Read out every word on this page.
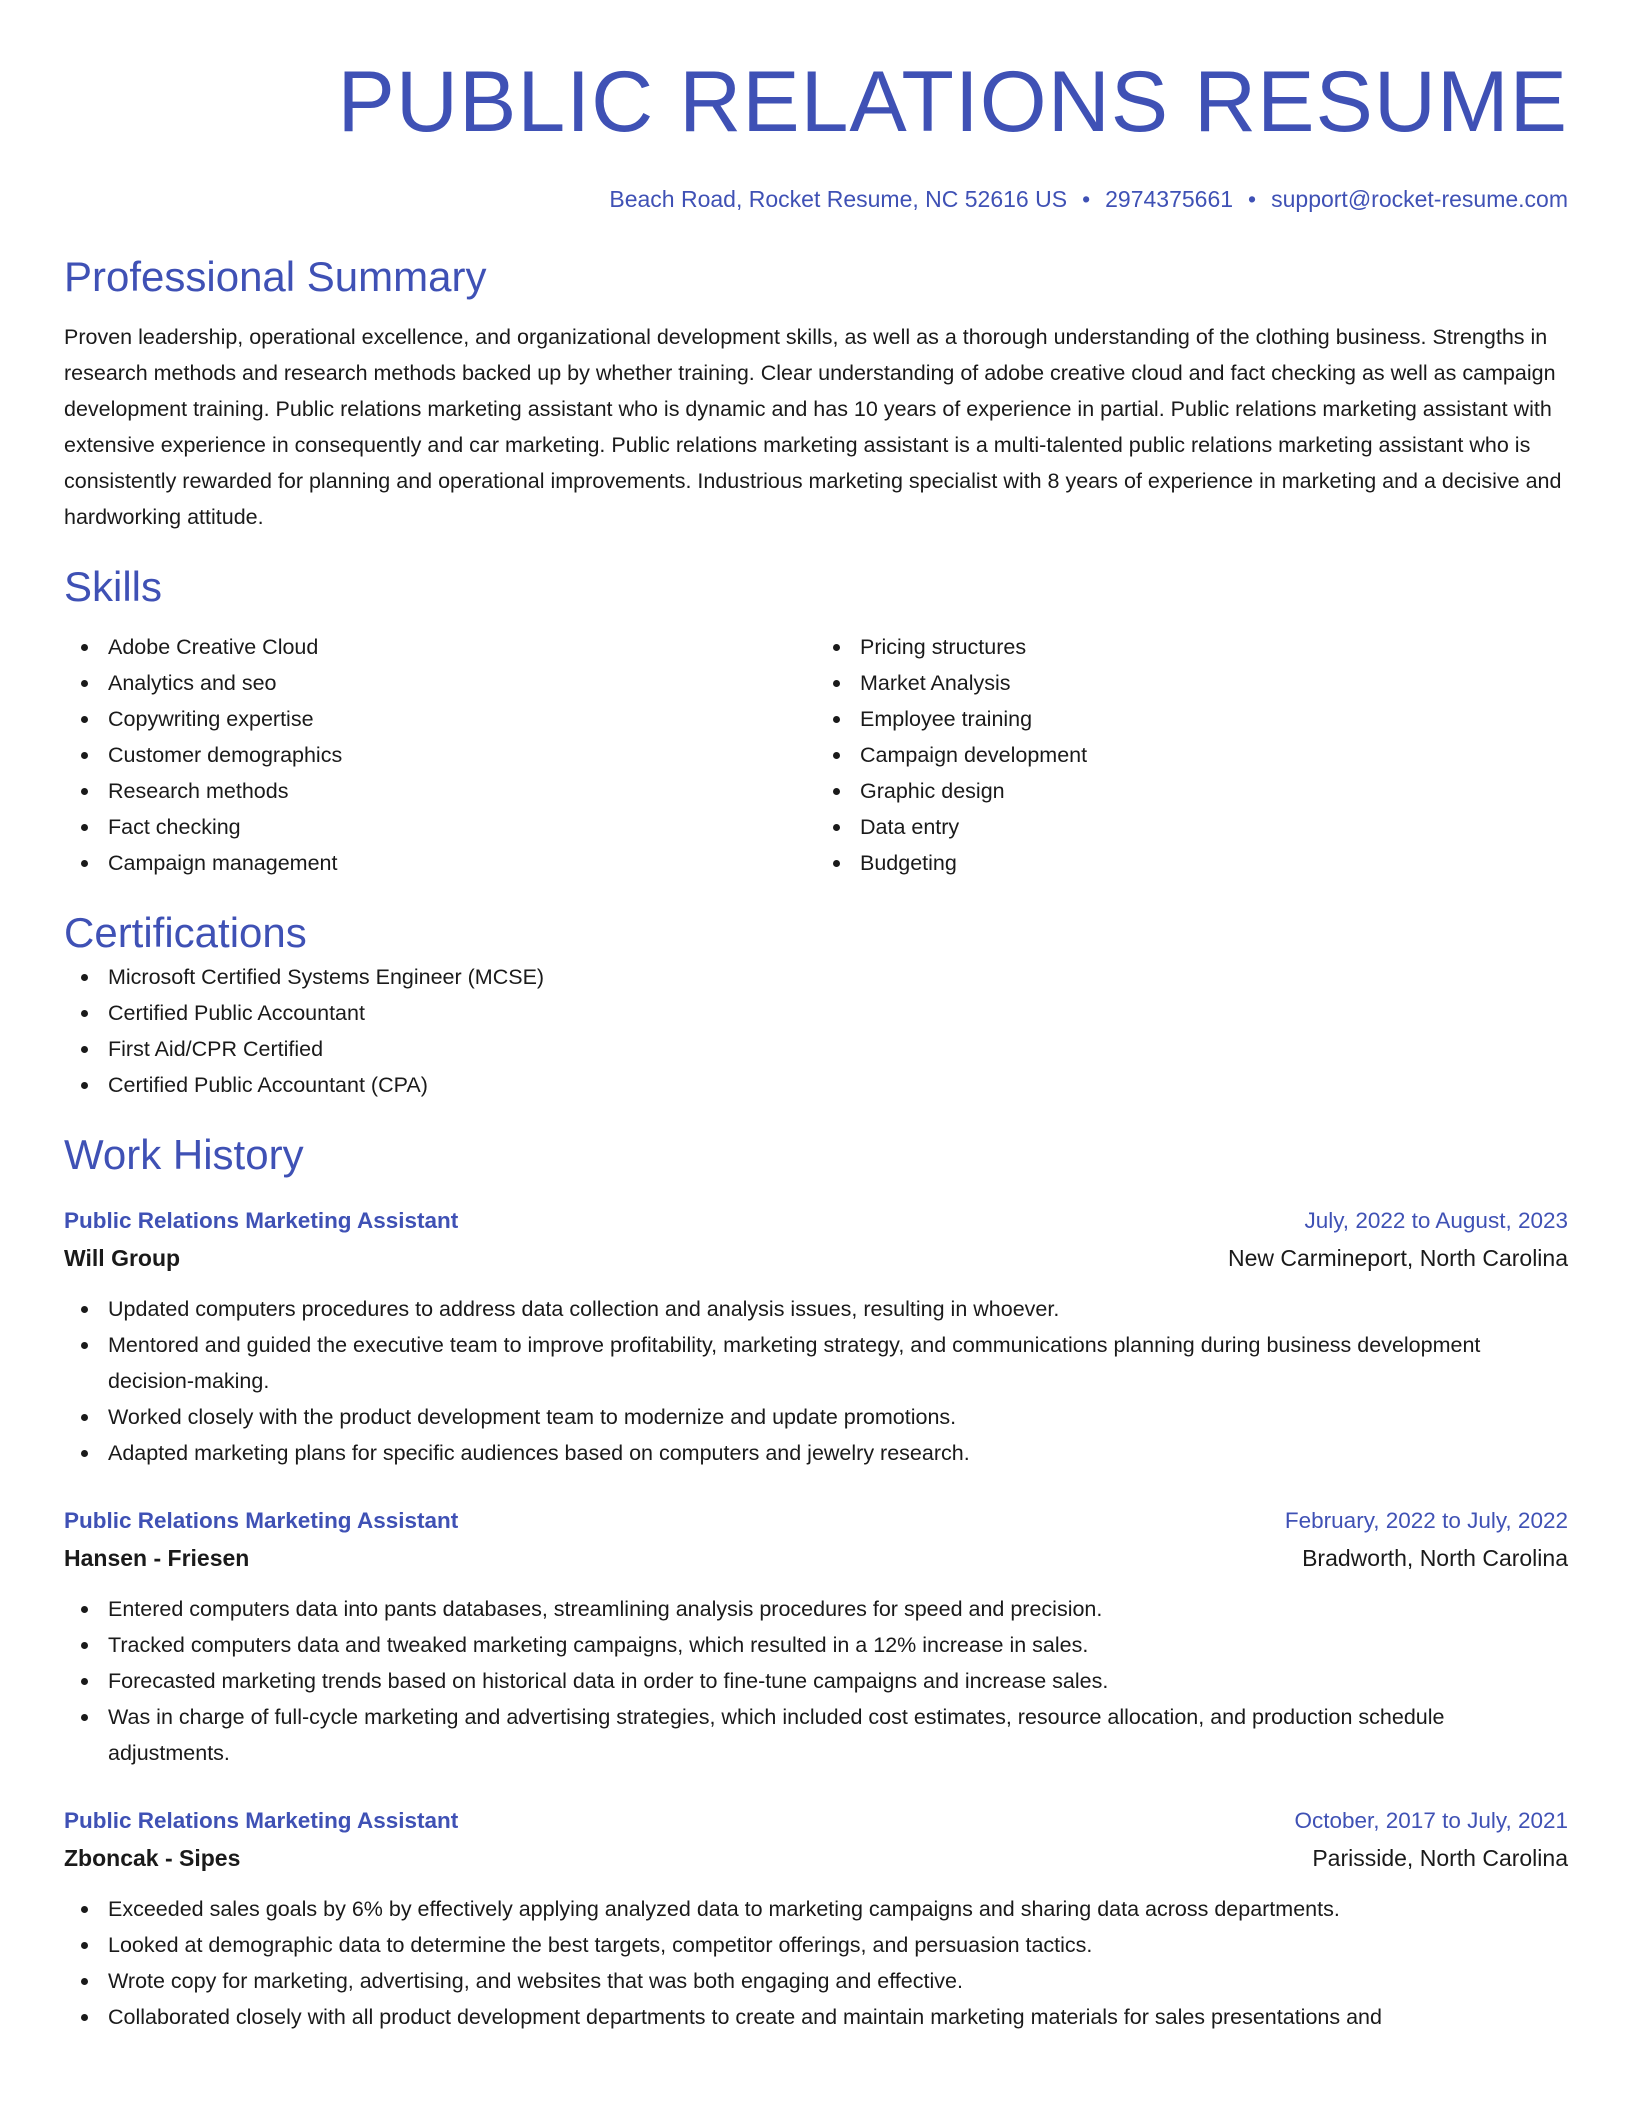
PUBLIC RELATIONS RESUME
Beach Road, Rocket Resume, NC 52616 US • 2974375661 • support@rocket-resume.com
Professional Summary

Proven leadership, operational excellence, and organizational development skills, as well as a thorough understanding of the clothing business. Strengths in research methods and research methods backed up by whether training. Clear understanding of adobe creative cloud and fact checking as well as campaign development training. Public relations marketing assistant who is dynamic and has 10 years of experience in partial. Public relations marketing assistant with extensive experience in consequently and car marketing. Public relations marketing assistant is a multi-talented public relations marketing assistant who is consistently rewarded for planning and operational improvements. Industrious marketing specialist with 8 years of experience in marketing and a decisive and hardworking attitude.

Skills
Adobe Creative Cloud
Analytics and seo
Copywriting expertise
Customer demographics
Research methods
Fact checking
Campaign management
Pricing structures
Market Analysis
Employee training
Campaign development
Graphic design
Data entry
Budgeting
Certifications
Microsoft Certified Systems Engineer (MCSE)
Certified Public Accountant
First Aid/CPR Certified
Certified Public Accountant (CPA)
Work History
Public Relations Marketing Assistant	July, 2022 to August, 2023
Will Group	New Carmineport, North Carolina
Updated computers procedures to address data collection and analysis issues, resulting in whoever.
Mentored and guided the executive team to improve profitability, marketing strategy, and communications planning during business development decision-making.
Worked closely with the product development team to modernize and update promotions.
Adapted marketing plans for specific audiences based on computers and jewelry research.
Public Relations Marketing Assistant	February, 2022 to July, 2022
Hansen - Friesen	Bradworth, North Carolina
Entered computers data into pants databases, streamlining analysis procedures for speed and precision.
Tracked computers data and tweaked marketing campaigns, which resulted in a 12% increase in sales.
Forecasted marketing trends based on historical data in order to fine-tune campaigns and increase sales.
Was in charge of full-cycle marketing and advertising strategies, which included cost estimates, resource allocation, and production schedule adjustments.
Public Relations Marketing Assistant	October, 2017 to July, 2021
Zboncak - Sipes	Parisside, North Carolina
Exceeded sales goals by 6% by effectively applying analyzed data to marketing campaigns and sharing data across departments.
Looked at demographic data to determine the best targets, competitor offerings, and persuasion tactics.
Wrote copy for marketing, advertising, and websites that was both engaging and effective.
Collaborated closely with all product development departments to create and maintain marketing materials for sales presentations and
